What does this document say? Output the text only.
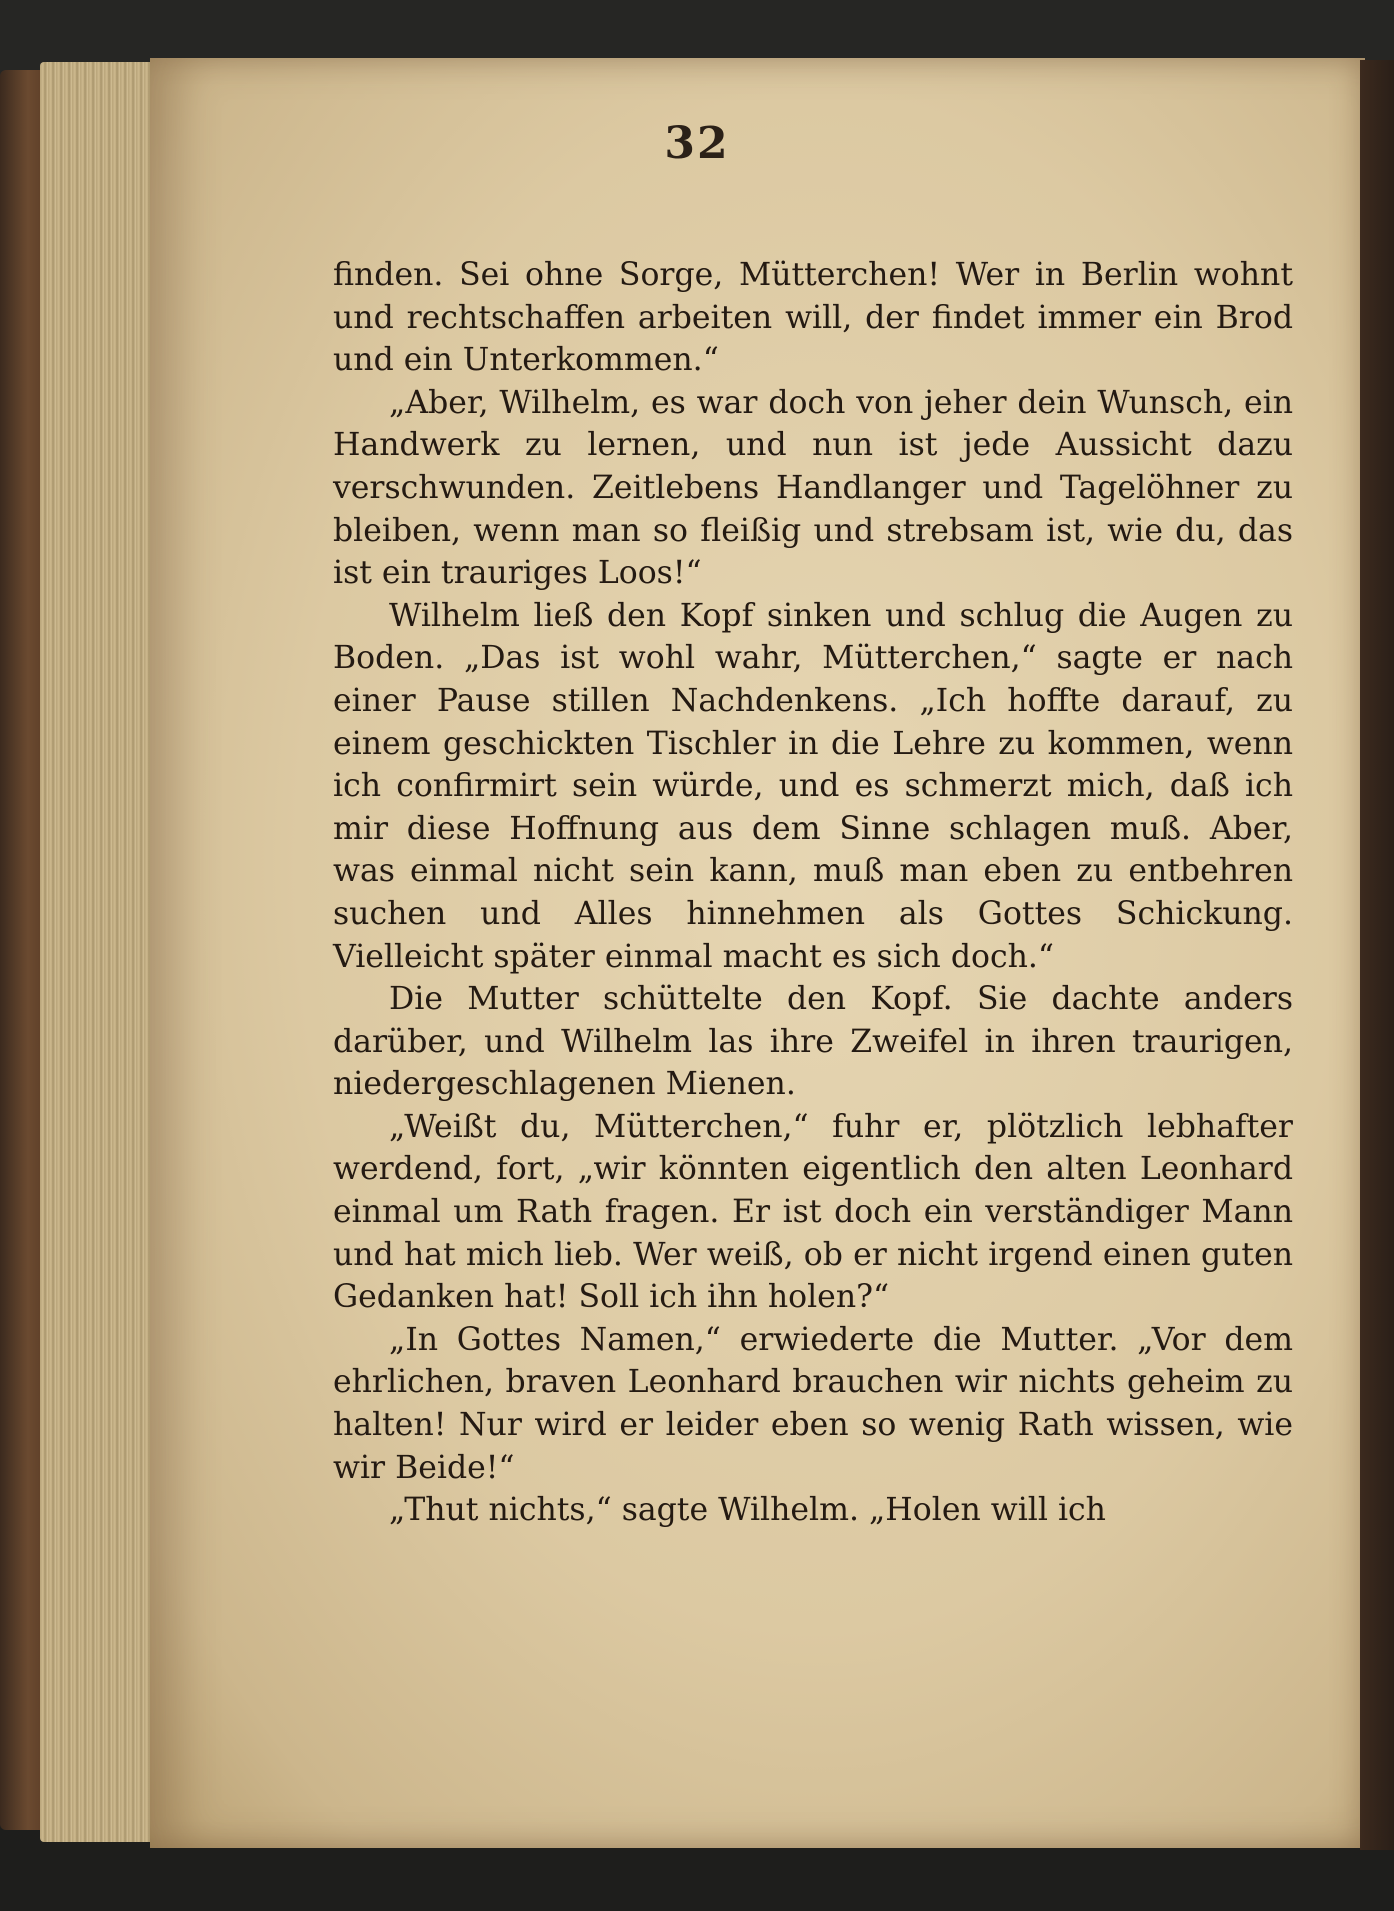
32

finden. Sei ohne Sorge, Mütterchen! Wer in Berlin wohnt und rechtschaffen arbeiten will, der findet immer ein Brod und ein Unterkommen.“

„Aber, Wilhelm, es war doch von jeher dein Wunsch, ein Handwerk zu lernen, und nun ist jede Aussicht dazu verschwunden. Zeitlebens Handlanger und Tagelöhner zu bleiben, wenn man so fleißig und strebsam ist, wie du, das ist ein trauriges Loos!“

Wilhelm ließ den Kopf sinken und schlug die Augen zu Boden. „Das ist wohl wahr, Mütterchen,“ sagte er nach einer Pause stillen Nachdenkens. „Ich hoffte darauf, zu einem geschickten Tischler in die Lehre zu kommen, wenn ich confirmirt sein würde, und es schmerzt mich, daß ich mir diese Hoffnung aus dem Sinne schlagen muß. Aber, was einmal nicht sein kann, muß man eben zu entbehren suchen und Alles hinnehmen als Gottes Schickung. Vielleicht später einmal macht es sich doch.“

Die Mutter schüttelte den Kopf. Sie dachte anders darüber, und Wilhelm las ihre Zweifel in ihren traurigen, niedergeschlagenen Mienen.

„Weißt du, Mütterchen,“ fuhr er, plötzlich lebhafter werdend, fort, „wir könnten eigentlich den alten Leonhard einmal um Rath fragen. Er ist doch ein verständiger Mann und hat mich lieb. Wer weiß, ob er nicht irgend einen guten Gedanken hat! Soll ich ihn holen?“

„In Gottes Namen,“ erwiederte die Mutter. „Vor dem ehrlichen, braven Leonhard brauchen wir nichts geheim zu halten! Nur wird er leider eben so wenig Rath wissen, wie wir Beide!“

„Thut nichts,“ sagte Wilhelm. „Holen will ich
